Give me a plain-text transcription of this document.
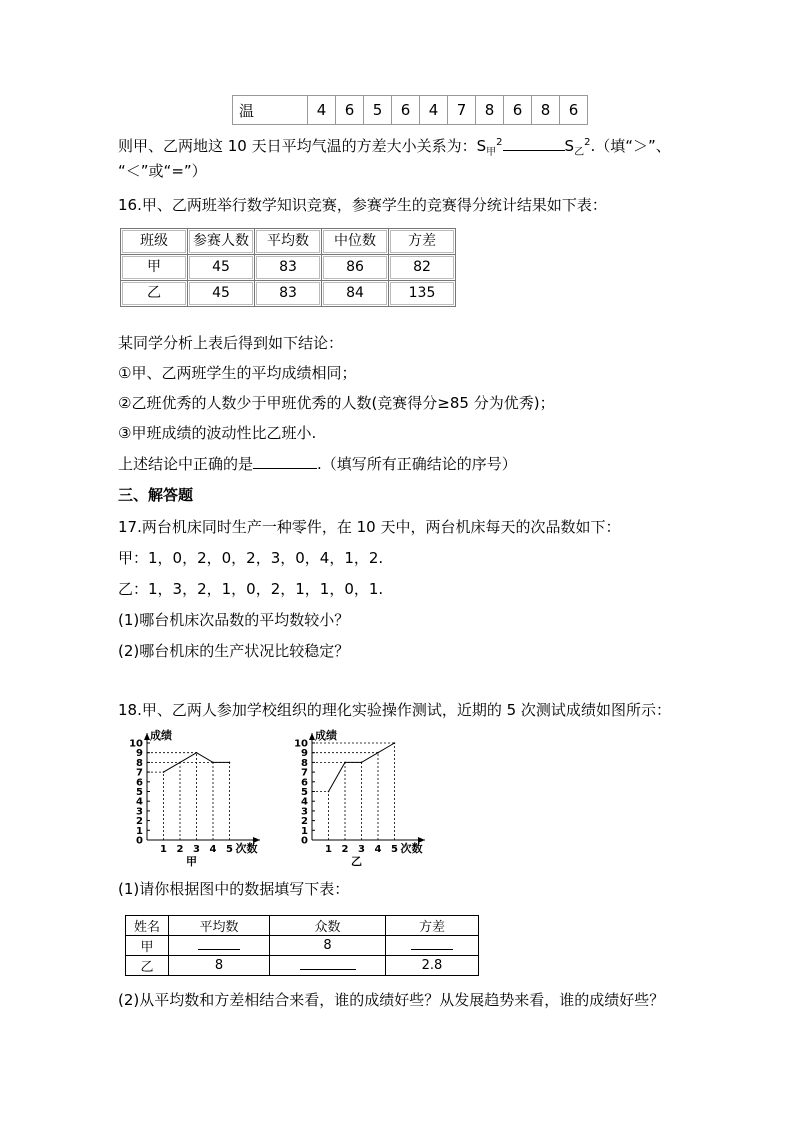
温	4	6	5	6	4	7	8	6	8	6
则甲、乙两地这 10 天日平均气温的方差大小关系为：$S_甲^2$	$S_乙^2$.（填“＞”、
“＜”或“=”）
16.甲、乙两班举行数学知识竞赛，参赛学生的竞赛得分统计结果如下表：
班级	参赛人数	平均数	中位数	方差

甲	45	83	86	82

乙	45	83	84	135
某同学分析上表后得到如下结论：
①甲、乙两班学生的平均成绩相同；
②乙班优秀的人数少于甲班优秀的人数(竞赛得分≥85 分为优秀)；
③甲班成绩的波动性比乙班小.
上述结论中正确的是	.（填写所有正确结论的序号）
三、解答题
17.两台机床同时生产一种零件，在 10 天中，两台机床每天的次品数如下：
甲：1，0，2，0，2，3，0，4，1，2.
乙：1，3，2，1，0，2，1，1，0，1.
(1)哪台机床次品数的平均数较小？
(2)哪台机床的生产状况比较稳定？
18.甲、乙两人参加学校组织的理化实验操作测试，近期的 5 次测试成绩如图所示：
0
1
2
3
4
5
6
7
8
9
10
1 2 3 4 5
成绩
次数
甲
0
1
2
3
4
5
6
7
8
9
10
1 2 3 4 5
成绩
次数
乙
(1)请你根据图中的数据填写下表：
姓名	平均数	众数	方差
甲		8	
乙	8		2.8
(2)从平均数和方差相结合来看，谁的成绩好些？从发展趋势来看，谁的成绩好些？
